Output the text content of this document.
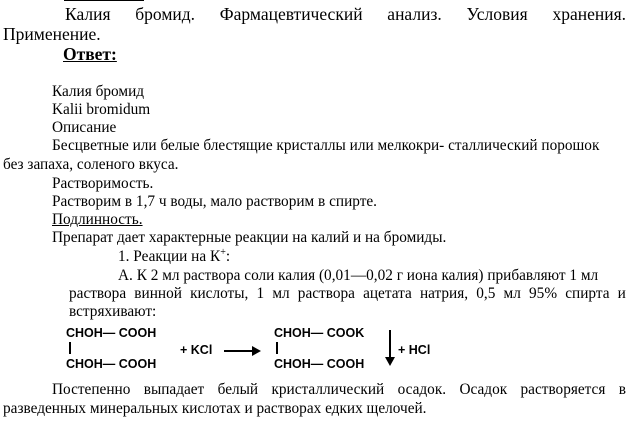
Калия бромид. Фармацевтический анализ. Условия хранения.
Применение.
Ответ:
Калия бромид
Kalii bromidum
Описание
Бесцветные или белые блестящие кристаллы или мелкокри- сталлический порошок
без запаха, соленого вкуса.
Растворимость.
Растворим в 1,7 ч воды, мало растворим в спирте.
Подлинность.
Препарат дает характерные реакции на калий и на бромиды.
1. Реакции на К+:
А. К 2 мл раствора соли калия (0,01—0,02 г иона калия) прибавляют 1 мл
раствора винной кислоты, 1 мл раствора ацетата натрия, 0,5 мл 95% спирта и
встряхивают:
CHOH— COOH
CHOH— COOH
+ KCl
CHOH— COOK
CHOH— COOH
+ HCl
Постепенно выпадает белый кристаллический осадок. Осадок растворяется в
разведенных минеральных кислотах и растворах едких щелочей.
